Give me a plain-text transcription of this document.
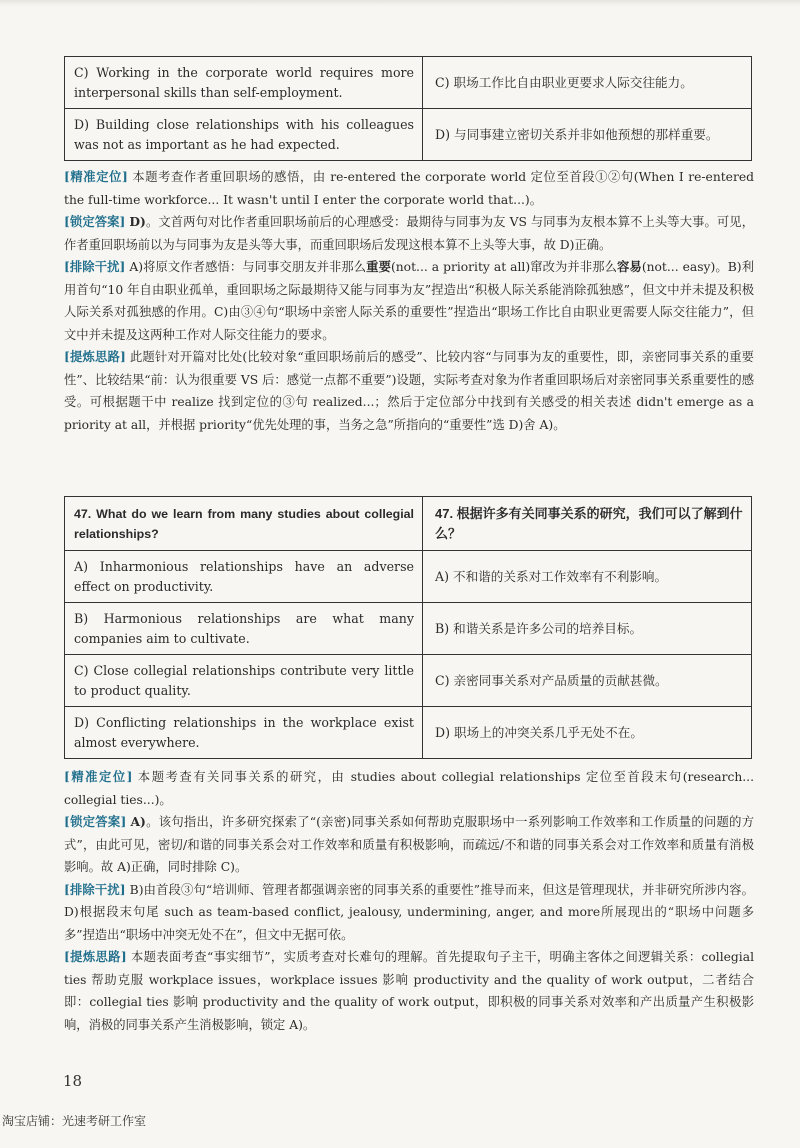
C) Working in the corporate world requires more interpersonal skills than self-employment.	C) 职场工作比自由职业更要求人际交往能力。
D) Building close relationships with his colleagues was not as important as he had expected.	D) 与同事建立密切关系并非如他预想的那样重要。
[精准定位] 本题考查作者重回职场的感悟，由 re-entered the corporate world 定位至首段①②句(When I re-entered the full-time workforce... It wasn't until I enter the corporate world that...)。
[锁定答案] D)。文首两句对比作者重回职场前后的心理感受：最期待与同事为友 VS 与同事为友根本算不上头等大事。可见，作者重回职场前以为与同事为友是头等大事，而重回职场后发现这根本算不上头等大事，故 D)正确。
[排除干扰] A)将原文作者感悟：与同事交朋友并非那么重要(not... a priority at all)窜改为并非那么容易(not... easy)。B)利用首句“10 年自由职业孤单，重回职场之际最期待又能与同事为友”捏造出“积极人际关系能消除孤独感”，但文中并未提及积极人际关系对孤独感的作用。C)由③④句“职场中亲密人际关系的重要性”捏造出“职场工作比自由职业更需要人际交往能力”，但文中并未提及这两种工作对人际交往能力的要求。
[提炼思路] 此题针对开篇对比处(比较对象“重回职场前后的感受”、比较内容“与同事为友的重要性，即，亲密同事关系的重要性”、比较结果“前：认为很重要 VS 后：感觉一点都不重要”)设题，实际考查对象为作者重回职场后对亲密同事关系重要性的感受。可根据题干中 realize 找到定位的③句 realized...；然后于定位部分中找到有关感受的相关表述 didn't emerge as a priority at all，并根据 priority“优先处理的事，当务之急”所指向的“重要性”选 D)舍 A)。
47. What do we learn from many studies about collegial relationships?	47. 根据许多有关同事关系的研究，我们可以了解到什么？
A) Inharmonious relationships have an adverse effect on productivity.	A) 不和谐的关系对工作效率有不利影响。
B) Harmonious relationships are what many companies aim to cultivate.	B) 和谐关系是许多公司的培养目标。
C) Close collegial relationships contribute very little to product quality.	C) 亲密同事关系对产品质量的贡献甚微。
D) Conflicting relationships in the workplace exist almost everywhere.	D) 职场上的冲突关系几乎无处不在。
[精准定位] 本题考查有关同事关系的研究，由 studies about collegial relationships 定位至首段末句(research... collegial ties...)。
[锁定答案] A)。该句指出，许多研究探索了“(亲密)同事关系如何帮助克服职场中一系列影响工作效率和工作质量的问题的方式”，由此可见，密切/和谐的同事关系会对工作效率和质量有积极影响，而疏远/不和谐的同事关系会对工作效率和质量有消极影响。故 A)正确，同时排除 C)。
[排除干扰] B)由首段③句“培训师、管理者都强调亲密的同事关系的重要性”推导而来，但这是管理现状，并非研究所涉内容。D)根据段末句尾 such as team-based conflict, jealousy, undermining, anger, and more所展现出的“职场中问题多多”捏造出“职场中冲突无处不在”，但文中无据可依。
[提炼思路] 本题表面考查“事实细节”，实质考查对长难句的理解。首先提取句子主干，明确主客体之间逻辑关系：collegial ties 帮助克服 workplace issues，workplace issues 影响 productivity and the quality of work output，二者结合即：collegial ties 影响 productivity and the quality of work output，即积极的同事关系对效率和产出质量产生积极影响，消极的同事关系产生消极影响，锁定 A)。
18
淘宝店铺：光速考研工作室
